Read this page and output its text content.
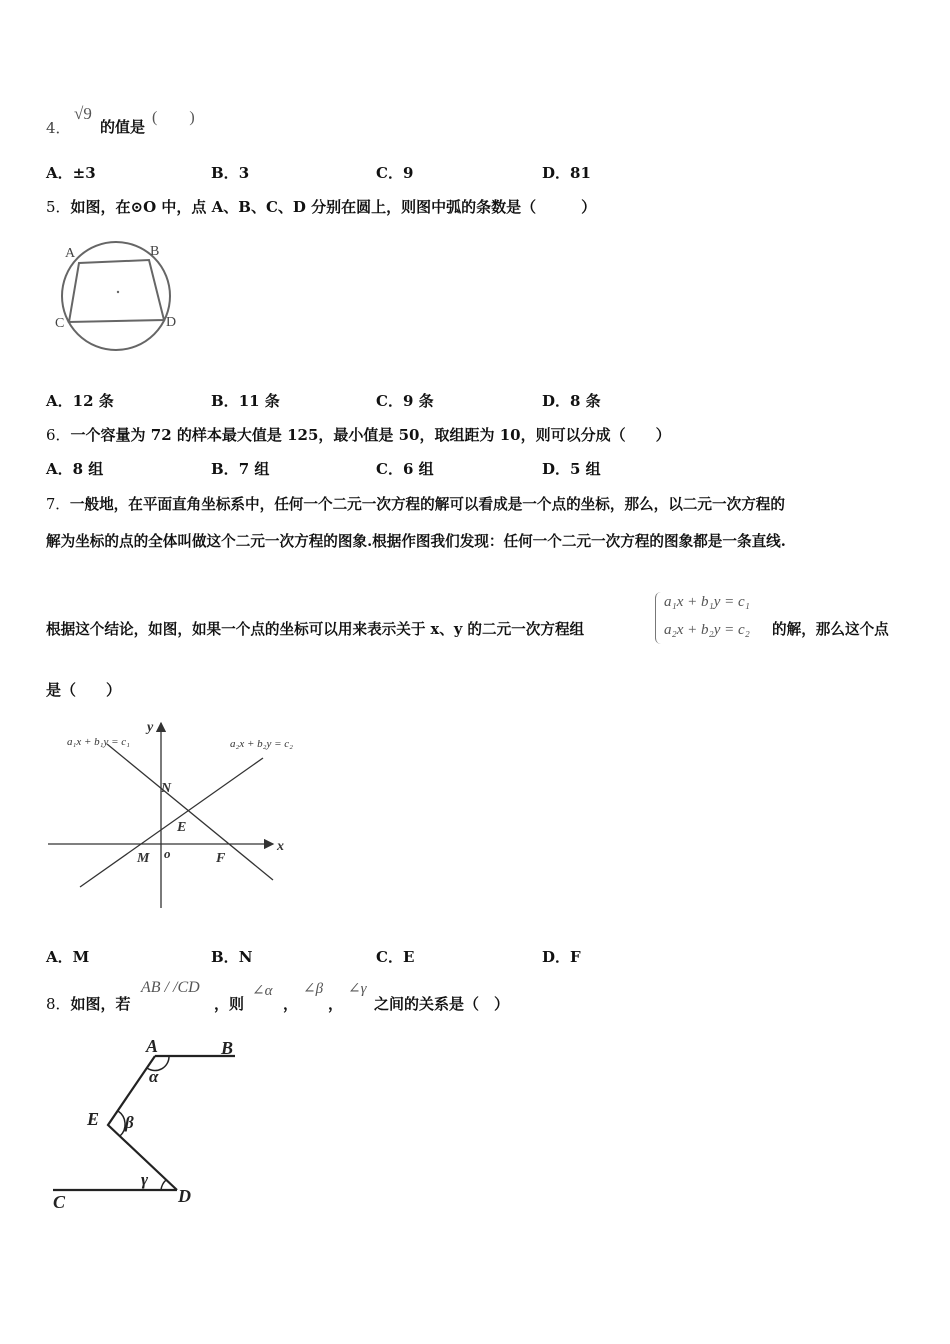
4．
√9
的值是
(　　)
A．±3	B．3	C．9	D．81
5．如图，在⊙O 中，点 A、B、C、D 分别在圆上，则图中弧的条数是（　　　）
A	B
C	D
A．12 条	B．11 条	C．9 条	D．8 条
6．一个容量为 72 的样本最大值是 125，最小值是 50，取组距为 10，则可以分成（　　）
A．8 组	B．7 组	C．6 组	D．5 组
7．一般地，在平面直角坐标系中，任何一个二元一次方程的解可以看成是一个点的坐标，那么，以二元一次方程的
解为坐标的点的全体叫做这个二元一次方程的图象.根据作图我们发现：任何一个二元一次方程的图象都是一条直线.
根据这个结论，如图，如果一个点的坐标可以用来表示关于 x、y 的二元一次方程组
a₁x + b₁y = c₁
a₂x + b₂y = c₂ 的解，那么这个点
是（　　）
a₁x + b₁y = c₁	a₂x + b₂y = c₂
y
x
N
E
M o	F
A．M	B．N	C．E	D．F
8．如图，若
AB / /CD
，则
∠α
，
∠β
，
∠γ
之间的关系是（　）
A	B
E
C	D
α
β
γ
